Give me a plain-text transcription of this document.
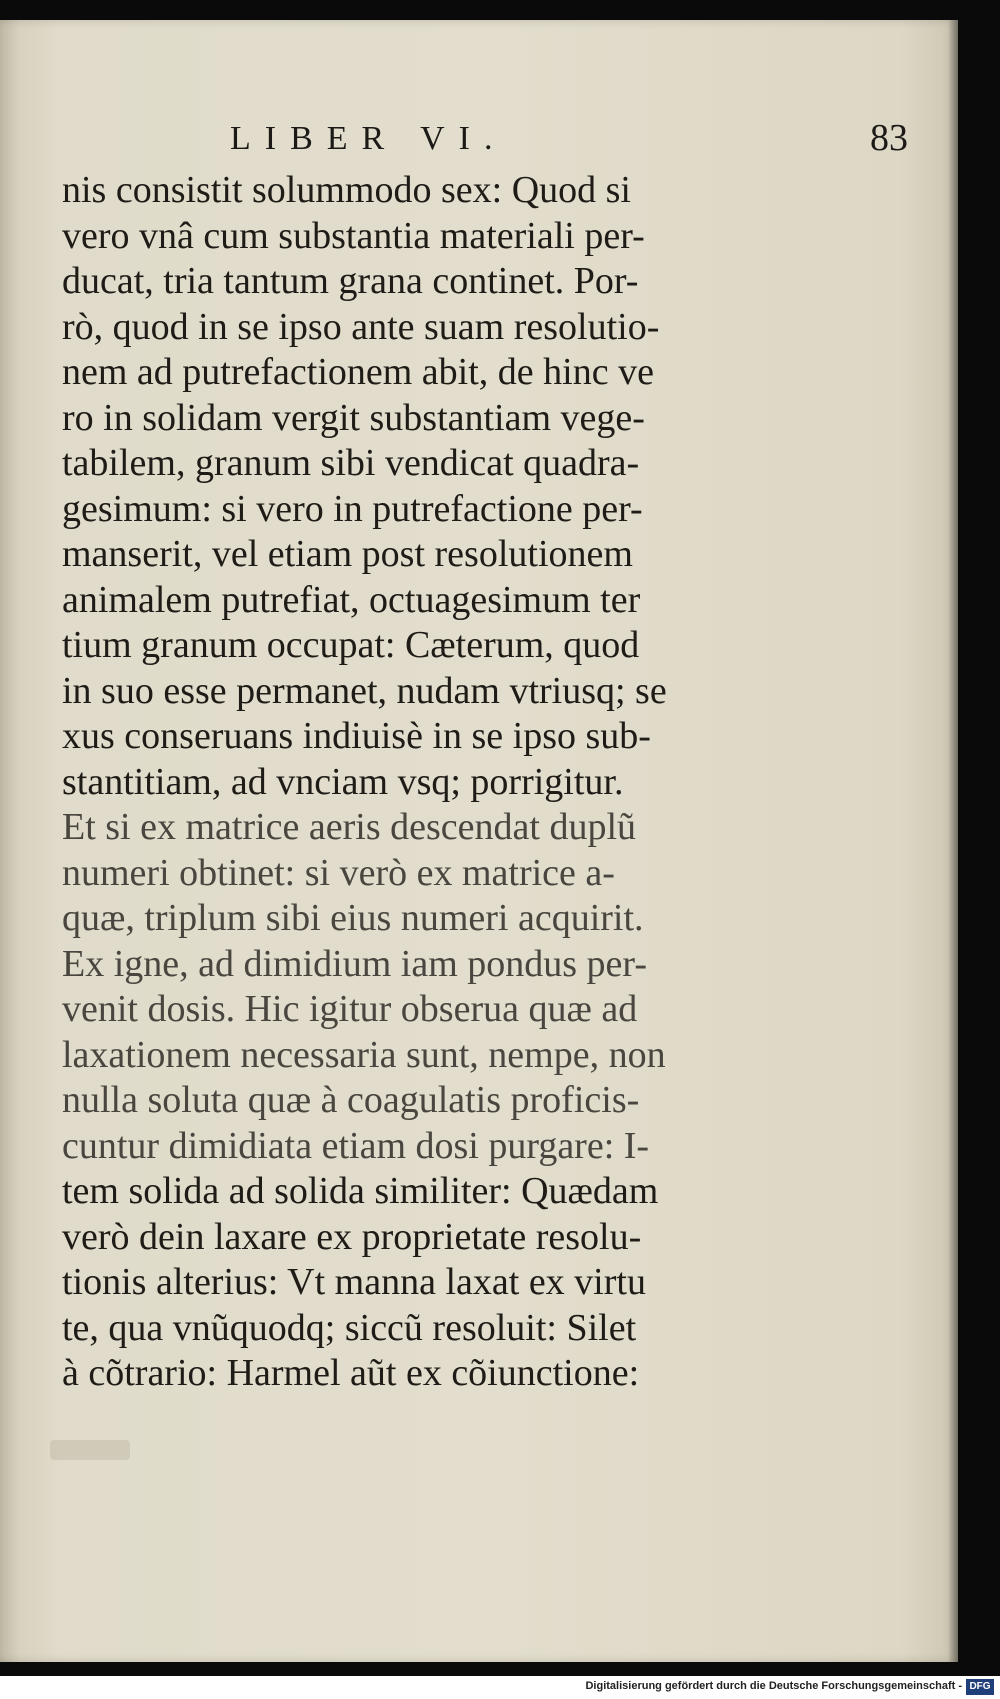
LIBER VI.	83
nis consistit solummodo sex: Quod si
vero vnâ cum substantia materiali per-
ducat, tria tantum grana continet. Por-
rò, quod in se ipso ante suam resolutio-
nem ad putrefactionem abit, de hinc ve
ro in solidam vergit substantiam vege-
tabilem, granum sibi vendicat quadra-
gesimum: si vero in putrefactione per-
manserit, vel etiam post resolutionem
animalem putrefiat, octuagesimum ter
tium granum occupat: Cæterum, quod
in suo esse permanet, nudam vtriusq; se
xus conseruans indiuisè in se ipso sub-
stantitiam, ad vnciam vsq; porrigitur.
Et si ex matrice aeris descendat duplũ
numeri obtinet: si verò ex matrice a-
quæ, triplum sibi eius numeri acquirit.
Ex igne, ad dimidium iam pondus per-
venit dosis. Hic igitur obserua quæ ad
laxationem necessaria sunt, nempe, non
nulla soluta quæ à coagulatis proficis-
cuntur dimidiata etiam dosi purgare: I-
tem solida ad solida similiter: Quædam
verò dein laxare ex proprietate resolu-
tionis alterius: Vt manna laxat ex virtu
te, qua vnũquodq; siccũ resoluit: Silet
à cõtrario: Harmel aũt ex cõiunctione:
Digitalisierung gefördert durch die Deutsche Forschungsgemeinschaft - DFG
